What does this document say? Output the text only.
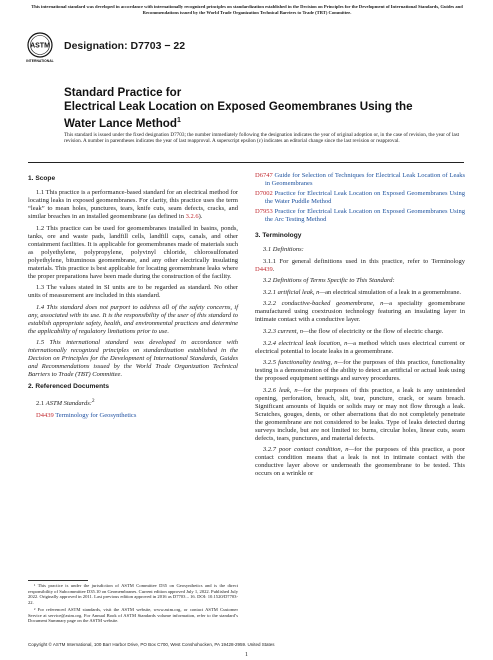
This international standard was developed in accordance with internationally recognized principles on standardization established in the Decision on Principles for the Development of International Standards, Guides and Recommendations issued by the World Trade Organization Technical Barriers to Trade (TBT) Committee.
ASTM
INTERNATIONAL
Designation: D7703 − 22
Standard Practice for
Electrical Leak Location on Exposed Geomembranes Using the Water Lance Method$^1$
This standard is issued under the fixed designation D7703; the number immediately following the designation indicates the year of original adoption or, in the case of revision, the year of last revision. A number in parentheses indicates the year of last reapproval. A superscript epsilon (ε) indicates an editorial change since the last revision or reapproval.
1. Scope

1.1 This practice is a performance-based standard for an electrical method for locating leaks in exposed geomembranes. For clarity, this practice uses the term “leak” to mean holes, punctures, tears, knife cuts, seam defects, cracks, and similar breaches in an installed geomembrane (as defined in 3.2.6).

1.2 This practice can be used for geomembranes installed in basins, ponds, tanks, ore and waste pads, landfill cells, landfill caps, canals, and other containment facilities. It is applicable for geomembranes made of materials such as polyethylene, polypropylene, polyvinyl chloride, chlorosulfonated polyethylene, bituminous geomembrane, and any other electrically insulating materials. This practice is best applicable for locating geomembrane leaks where the proper preparations have been made during the construction of the facility.

1.3 The values stated in SI units are to be regarded as standard. No other units of measurement are included in this standard.

1.4 This standard does not purport to address all of the safety concerns, if any, associated with its use. It is the responsibility of the user of this standard to establish appropriate safety, health, and environmental practices and determine the applicability of regulatory limitations prior to use.

1.5 This international standard was developed in accordance with internationally recognized principles on standardization established in the Decision on Principles for the Development of International Standards, Guides and Recommendations issued by the World Trade Organization Technical Barriers to Trade (TBT) Committee.

2. Referenced Documents

2.1 ASTM Standards:$^2$

D4439 Terminology for Geosynthetics

¹ This practice is under the jurisdiction of ASTM Committee D35 on Geosynthetics and is the direct responsibility of Subcommittee D35.10 on Geomembranes. Current edition approved July 1, 2022. Published July 2022. Originally approved in 2011. Last previous edition approved in 2016 as D7703 – 16. DOI: 10.1520/D7703-22.

² For referenced ASTM standards, visit the ASTM website, www.astm.org, or contact ASTM Customer Service at service@astm.org. For Annual Book of ASTM Standards volume information, refer to the standard’s Document Summary page on the ASTM website.

D6747 Guide for Selection of Techniques for Electrical Leak Location of Leaks in Geomembranes
D7002 Practice for Electrical Leak Location on Exposed Geomembranes Using the Water Puddle Method
D7953 Practice for Electrical Leak Location on Exposed Geomembranes Using the Arc Testing Method
3. Terminology

3.1 Definitions:

3.1.1 For general definitions used in this practice, refer to Terminology D4439.

3.2 Definitions of Terms Specific to This Standard:

3.2.1 artificial leak, n—an electrical simulation of a leak in a geomembrane.

3.2.2 conductive-backed geomembrane, n—a speciality geomembrane manufactured using coextrusion technology featuring an insulating layer in intimate contact with a conductive layer.

3.2.3 current, n—the flow of electricity or the flow of electric charge.

3.2.4 electrical leak location, n—a method which uses electrical current or electrical potential to locate leaks in a geomembrane.

3.2.5 functionality testing, n—for the purposes of this practice, functionality testing is a demonstration of the ability to detect an artificial or actual leak using the proposed equipment settings and survey procedures.

3.2.6 leak, n—for the purposes of this practice, a leak is any unintended opening, perforation, breach, slit, tear, puncture, crack, or seam breach. Significant amounts of liquids or solids may or may not flow through a leak. Scratches, gouges, dents, or other aberrations that do not completely penetrate the geomembrane are not considered to be leaks. Type of leaks detected during surveys include, but are not limited to: burns, circular holes, linear cuts, seam defects, tears, punctures, and material defects.

3.2.7 poor contact condition, n—for the purposes of this practice, a poor contact condition means that a leak is not in intimate contact with the conductive layer above or underneath the geomembrane to be tested. This occurs on a wrinkle or

Copyright © ASTM International, 100 Barr Harbor Drive, PO Box C700, West Conshohocken, PA 19428-2959. United States
1
